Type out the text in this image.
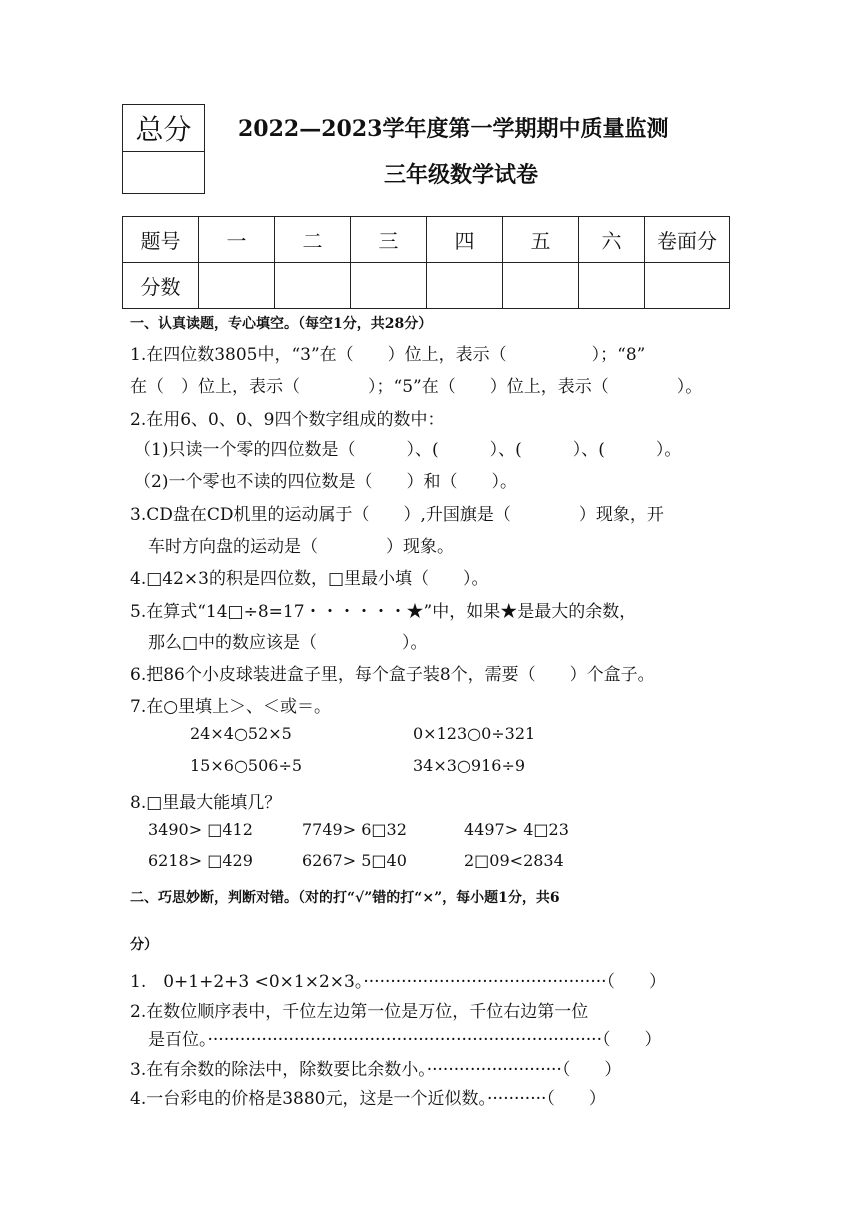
总分	2022—2023学年度第一学期期中质量监测
三年级数学试卷
题号	一	二	三	四	五	六	卷面分
分数							
一、认真读题，专心填空。（每空1分，共28分）
1.在四位数3805中，“3”在（　　）位上，表示（　　　　　）；“8”
在（　）位上，表示（　　　　）；“5”在（　　）位上，表示（　　　　）。
2.在用6、0、0、9四个数字组成的数中：
（1)只读一个零的四位数是（　　　）、(　　　）、(　　　）、(　　　）。
（2)一个零也不读的四位数是（　　）和（　　）。
3.CD盘在CD机里的运动属于（　　）,升国旗是（　　　　）现象，开
车时方向盘的运动是（　　　　）现象。
4.□42×3的积是四位数，□里最小填（　　）。
5.在算式“14□÷8=17・・・・・・★”中，如果★是最大的余数，
那么□中的数应该是（　　　　　）。
6.把86个小皮球装进盒子里，每个盒子装8个，需要（　　）个盒子。
7.在○里填上＞、＜或＝。
24×4○52×5	0×123○0÷321
15×6○506÷5	34×3○916÷9
8.□里最大能填几？
3490> □412	7749> 6□32	4497> 4□23
6218> □429	6267> 5□40	2□09<2834
二、巧思妙断，判断对错。（对的打“√”错的打“×”，每小题1分，共6
分）
1.　0+1+2+3 <0×1×2×3。·············································（　　）
2.在数位顺序表中，千位左边第一位是万位，千位右边第一位
是百位。·········································································（　　）
3.在有余数的除法中，除数要比余数小。·························（　　）
4.一台彩电的价格是3880元，这是一个近似数。···········（　　）
